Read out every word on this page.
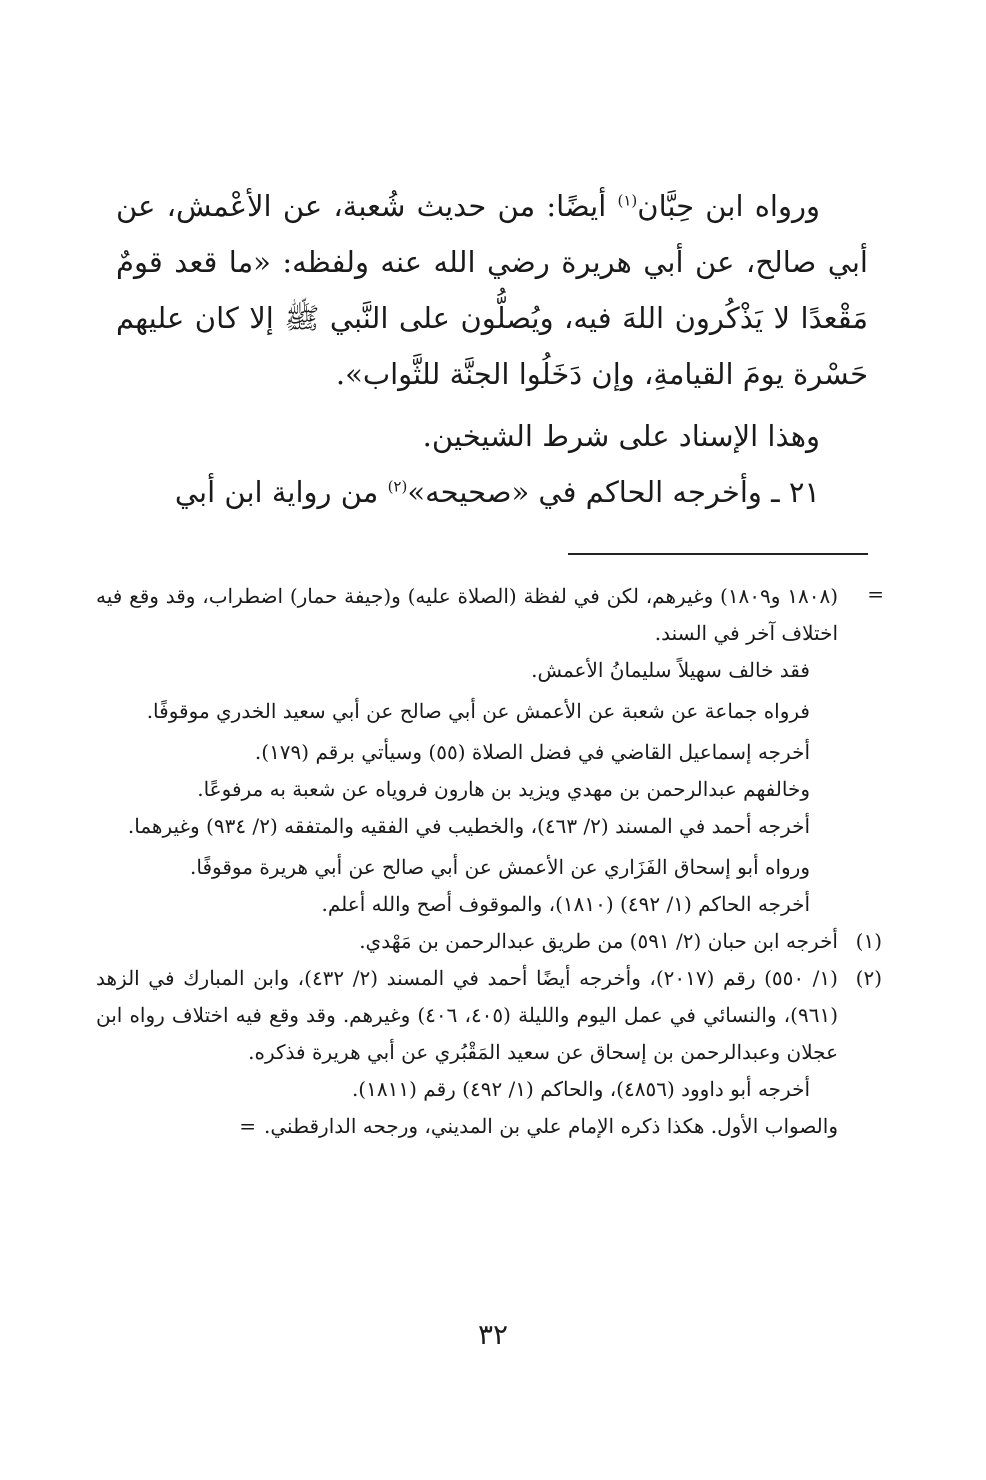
ورواه ابن حِبَّان$^{(١)}$ أيضًا: من حديث شُعبة، عن الأعْمش، عن أبي صالح، عن أبي هريرة رضي الله عنه ولفظه: «ما قعد قومٌ مَقْعدًا لا يَذْكُرون اللهَ فيه، ويُصلُّون على النَّبي ﷺ إلا كان عليهم حَسْرة يومَ القيامةِ، وإن دَخَلُوا الجنَّة للثَّواب».

وهذا الإسناد على شرط الشيخين.

٢١ ـ وأخرجه الحاكم في «صحيحه»$^{(٢)}$ من رواية ابن أبي

=

(١٨٠٨ و١٨٠٩) وغيرهم، لكن في لفظة (الصلاة عليه) و(جيفة حمار) اضطراب، وقد وقع فيه اختلاف آخر في السند.

فقد خالف سهيلاً سليمانُ الأعمش.

فرواه جماعة عن شعبة عن الأعمش عن أبي صالح عن أبي سعيد الخدري موقوفًا.

أخرجه إسماعيل القاضي في فضل الصلاة (٥٥) وسيأتي برقم (١٧٩).

وخالفهم عبدالرحمن بن مهدي ويزيد بن هارون فروياه عن شعبة به مرفوعًا.

أخرجه أحمد في المسند (٢/ ٤٦٣)، والخطيب في الفقيه والمتفقه (٢/ ٩٣٤) وغيرهما.

ورواه أبو إسحاق الفَزَاري عن الأعمش عن أبي صالح عن أبي هريرة موقوفًا.

أخرجه الحاكم (١/ ٤٩٢) (١٨١٠)، والموقوف أصح والله أعلم.

(١)
أخرجه ابن حبان (٢/ ٥٩١) من طريق عبدالرحمن بن مَهْدي.

(٢)
(١/ ٥٥٠) رقم (٢٠١٧)، وأخرجه أيضًا أحمد في المسند (٢/ ٤٣٢)، وابن المبارك في الزهد (٩٦١)، والنسائي في عمل اليوم والليلة (٤٠٥، ٤٠٦) وغيرهم. وقد وقع فيه اختلاف رواه ابن عجلان وعبدالرحمن بن إسحاق عن سعيد المَقْبُري عن أبي هريرة فذكره.

أخرجه أبو داوود (٤٨٥٦)، والحاكم (١/ ٤٩٢) رقم (١٨١١).

والصواب الأول. هكذا ذكره الإمام علي بن المديني، ورجحه الدارقطني.=

٣٢
